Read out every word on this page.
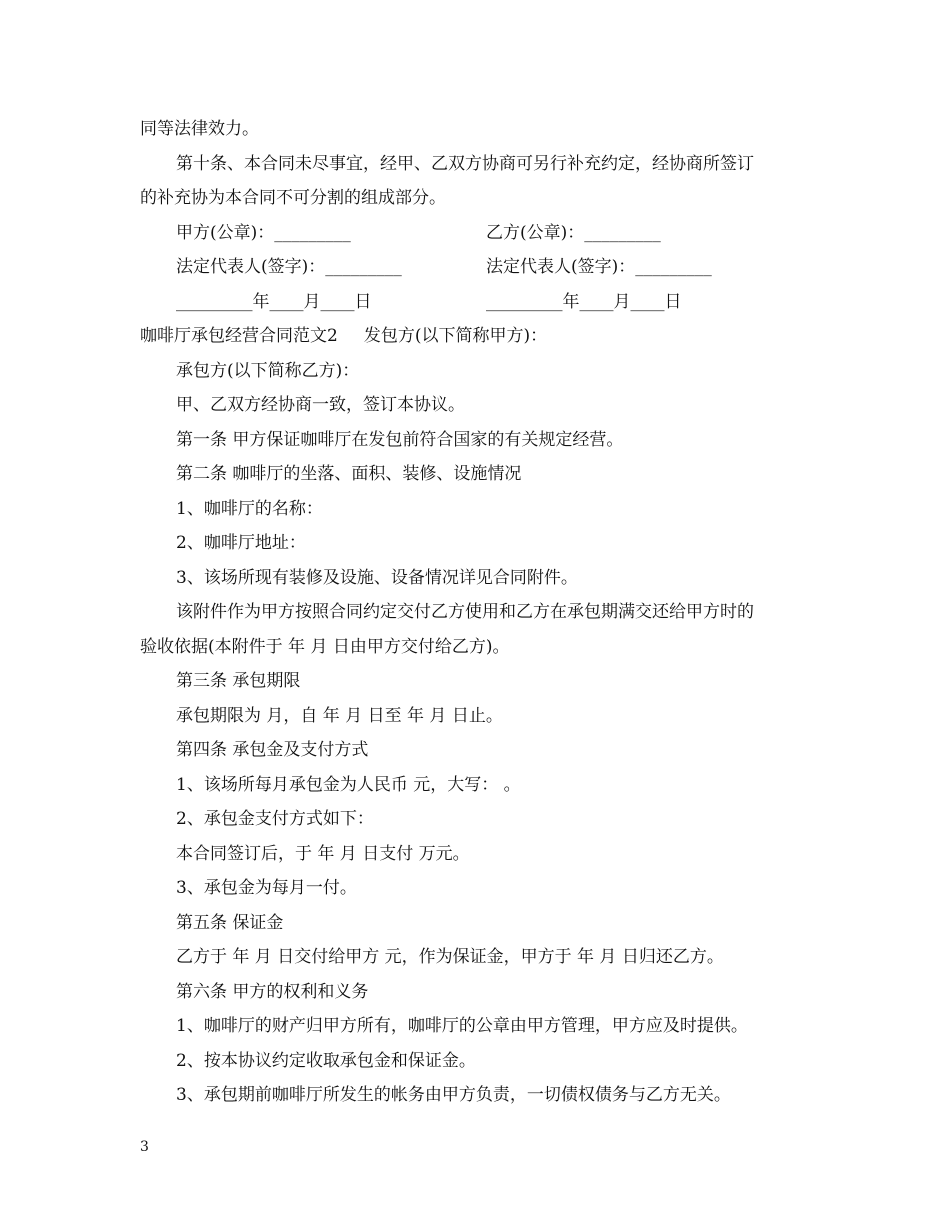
同等法律效力。
第十条、本合同未尽事宜，经甲、乙双方协商可另行补充约定，经协商所签订
的补充协为本合同不可分割的组成部分。
甲方(公章)：_________	乙方(公章)：_________
法定代表人(签字)：_________	法定代表人(签字)：_________
_________年____月____日	_________年____月____日
咖啡厅承包经营合同范文2 发包方(以下简称甲方)：
承包方(以下简称乙方)：
甲、乙双方经协商一致，签订本协议。
第一条 甲方保证咖啡厅在发包前符合国家的有关规定经营。
第二条 咖啡厅的坐落、面积、装修、设施情况
1、咖啡厅的名称：
2、咖啡厅地址：
3、该场所现有装修及设施、设备情况详见合同附件。
该附件作为甲方按照合同约定交付乙方使用和乙方在承包期满交还给甲方时的
验收依据(本附件于 年 月 日由甲方交付给乙方)。
第三条 承包期限
承包期限为 月，自 年 月 日至 年 月 日止。
第四条 承包金及支付方式
1、该场所每月承包金为人民币 元，大写： 。
2、承包金支付方式如下：
本合同签订后，于 年 月 日支付 万元。
3、承包金为每月一付。
第五条 保证金
乙方于 年 月 日交付给甲方 元，作为保证金，甲方于 年 月 日归还乙方。
第六条 甲方的权利和义务
1、咖啡厅的财产归甲方所有，咖啡厅的公章由甲方管理，甲方应及时提供。
2、按本协议约定收取承包金和保证金。
3、承包期前咖啡厅所发生的帐务由甲方负责，一切债权债务与乙方无关。
3
